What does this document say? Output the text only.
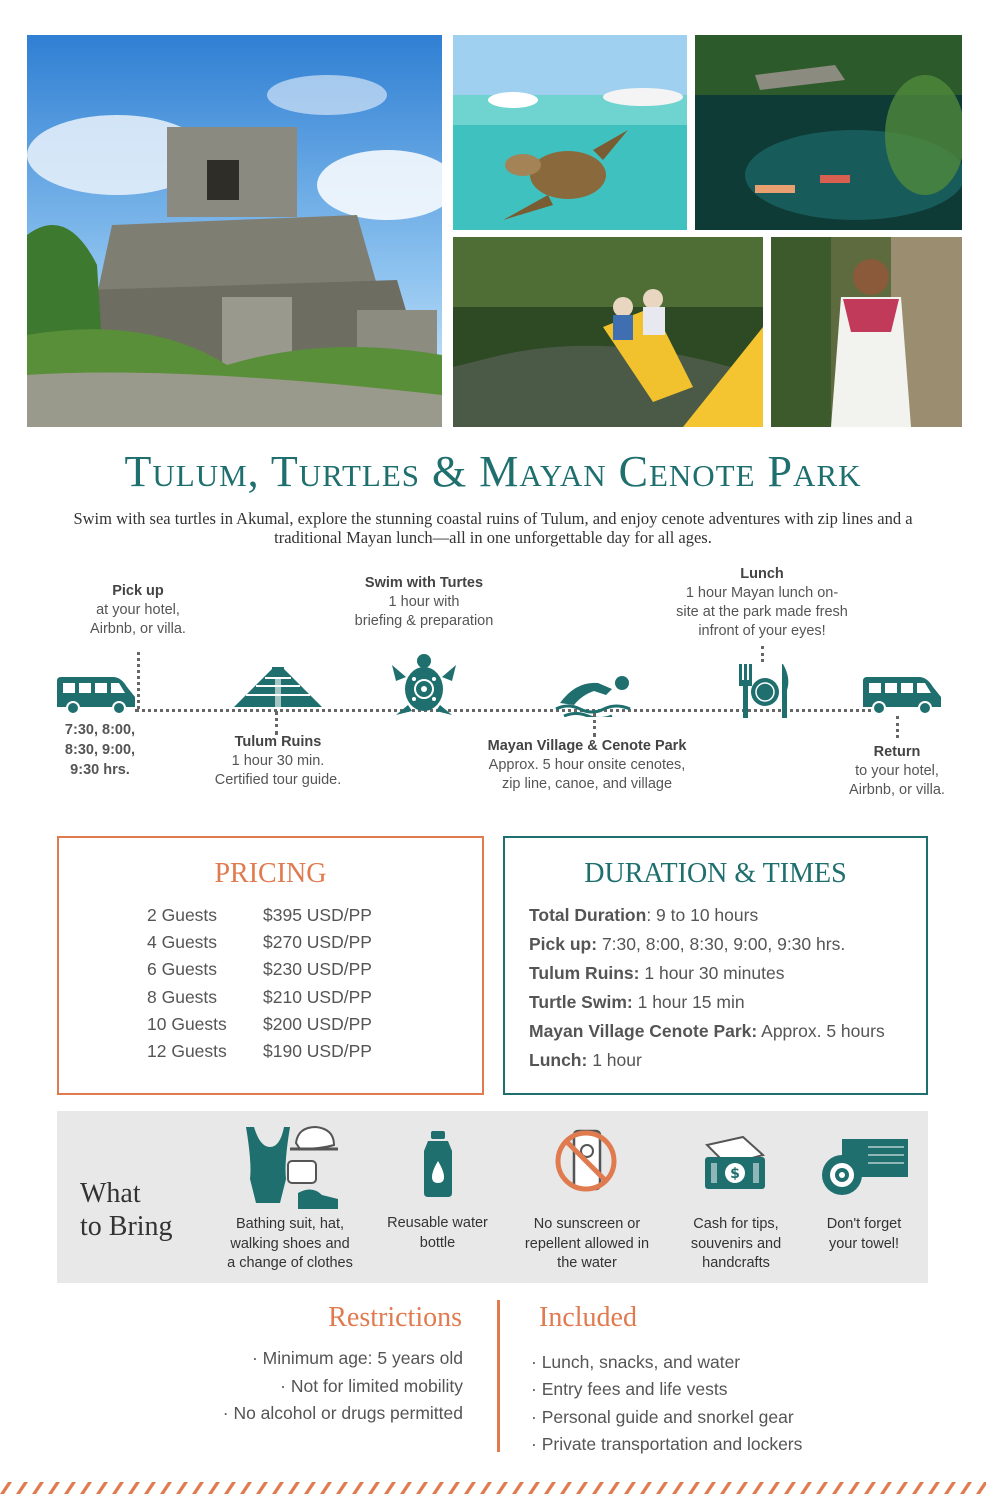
Tulum, Turtles & Mayan Cenote Park
Swim with sea turtles in Akumal, explore the stunning coastal ruins of Tulum, and enjoy cenote adventures with zip lines and a traditional Mayan lunch—all in one unforgettable day for all ages.
Pick up
at your hotel,
Airbnb, or villa.
7:30, 8:00,
8:30, 9:00,
9:30 hrs.
Tulum Ruins
1 hour 30 min.
Certified tour guide.
Swim with Turtes
1 hour with
briefing & preparation
Mayan Village & Cenote Park
Approx. 5 hour onsite cenotes,
zip line, canoe, and village
Lunch
1 hour Mayan lunch on-
site at the park made fresh
infront of your eyes!
Return
to your hotel,
Airbnb, or villa.
PRICING
2 Guests	$395 USD/PP
4 Guests	$270 USD/PP
6 Guests	$230 USD/PP
8 Guests	$210 USD/PP
10 Guests $200 USD/PP
12 Guests $190 USD/PP
DURATION & TIMES
Total Duration: 9 to 10 hours
Pick up: 7:30, 8:00, 8:30, 9:00, 9:30 hrs.
Tulum Ruins: 1 hour 30 minutes
Turtle Swim: 1 hour 15 min
Mayan Village Cenote Park: Approx. 5 hours
Lunch: 1 hour
What
to Bring	Bathing suit, hat,
walking shoes and
a change of clothes
Reusable water
bottle
No sunscreen or
repellent allowed in
the water
$
Cash for tips,
souvenirs and
handcrafts
Don't forget
your towel!
Restrictions
· Minimum age: 5 years old
· Not for limited mobility
· No alcohol or drugs permitted
Included
· Lunch, snacks, and water
· Entry fees and life vests
· Personal guide and snorkel gear
· Private transportation and lockers
